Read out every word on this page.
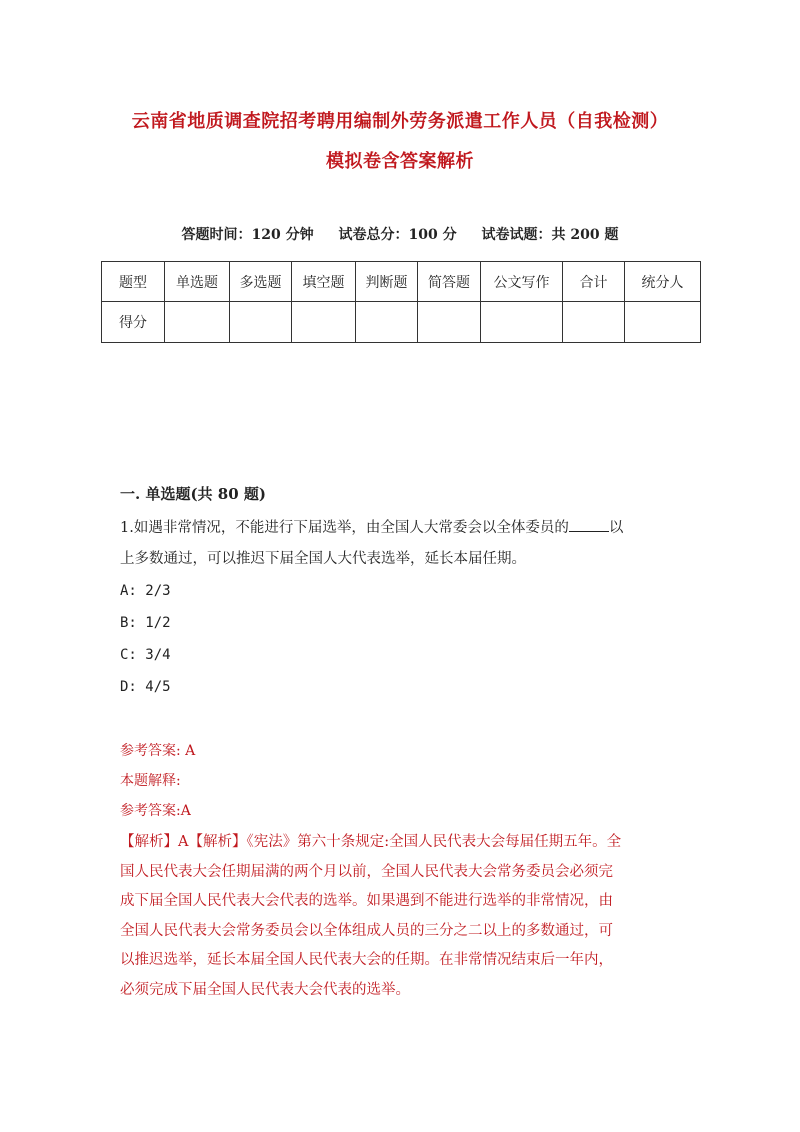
云南省地质调查院招考聘用编制外劳务派遣工作人员（自我检测）
模拟卷含答案解析
答题时间：120 分钟 试卷总分：100 分 试卷试题：共 200 题
题型	单选题	多选题	填空题	判断题	简答题	公文写作	合计	统分人
得分								
一. 单选题(共 80 题)
1.如遇非常情况，不能进行下届选举，由全国人大常委会以全体委员的	以
上多数通过，可以推迟下届全国人大代表选举，延长本届任期。
A: 2/3
B: 1/2
C: 3/4
D: 4/5
参考答案: A
本题解释:
参考答案:A
【解析】A【解析】《宪法》第六十条规定:全国人民代表大会每届任期五年。全
国人民代表大会任期届满的两个月以前，全国人民代表大会常务委员会必须完
成下届全国人民代表大会代表的选举。如果遇到不能进行选举的非常情况，由
全国人民代表大会常务委员会以全体组成人员的三分之二以上的多数通过，可
以推迟选举，延长本届全国人民代表大会的任期。在非常情况结束后一年内，
必须完成下届全国人民代表大会代表的选举。
